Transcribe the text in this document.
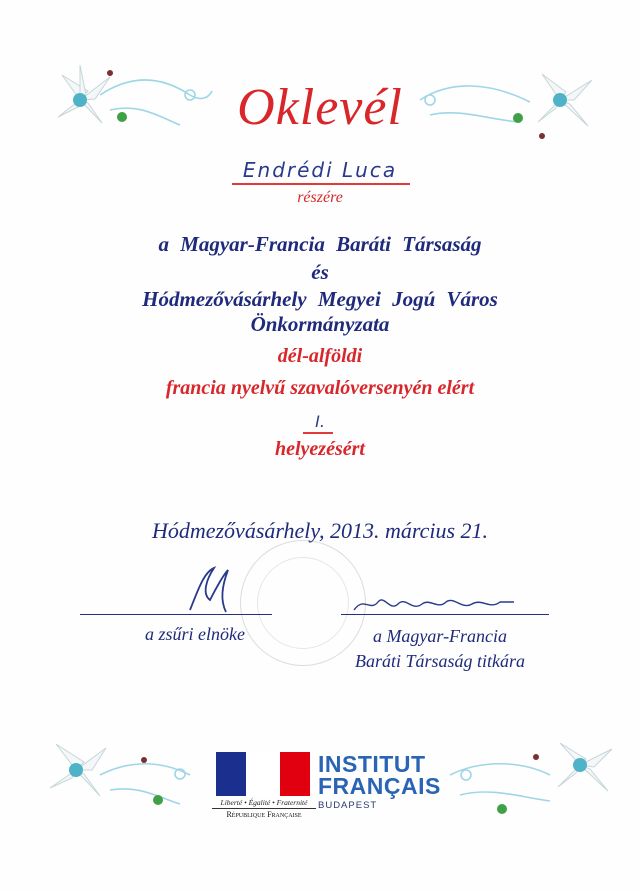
Oklevél
Endrédi Luca
részére
a Magyar-Francia Baráti Társaság
és
Hódmezővásárhely Megyei Jogú Város
Önkormányzata
dél-alföldi
francia nyelvű szavalóversenyén elért
I.
helyezésért
Hódmezővásárhely, 2013. március 21.
a zsűri elnöke	a Magyar-Francia
Baráti Társaság titkára
Liberté • Égalité • Fraternité
République Française
INSTITUT
FRANÇAIS
BUDAPEST
